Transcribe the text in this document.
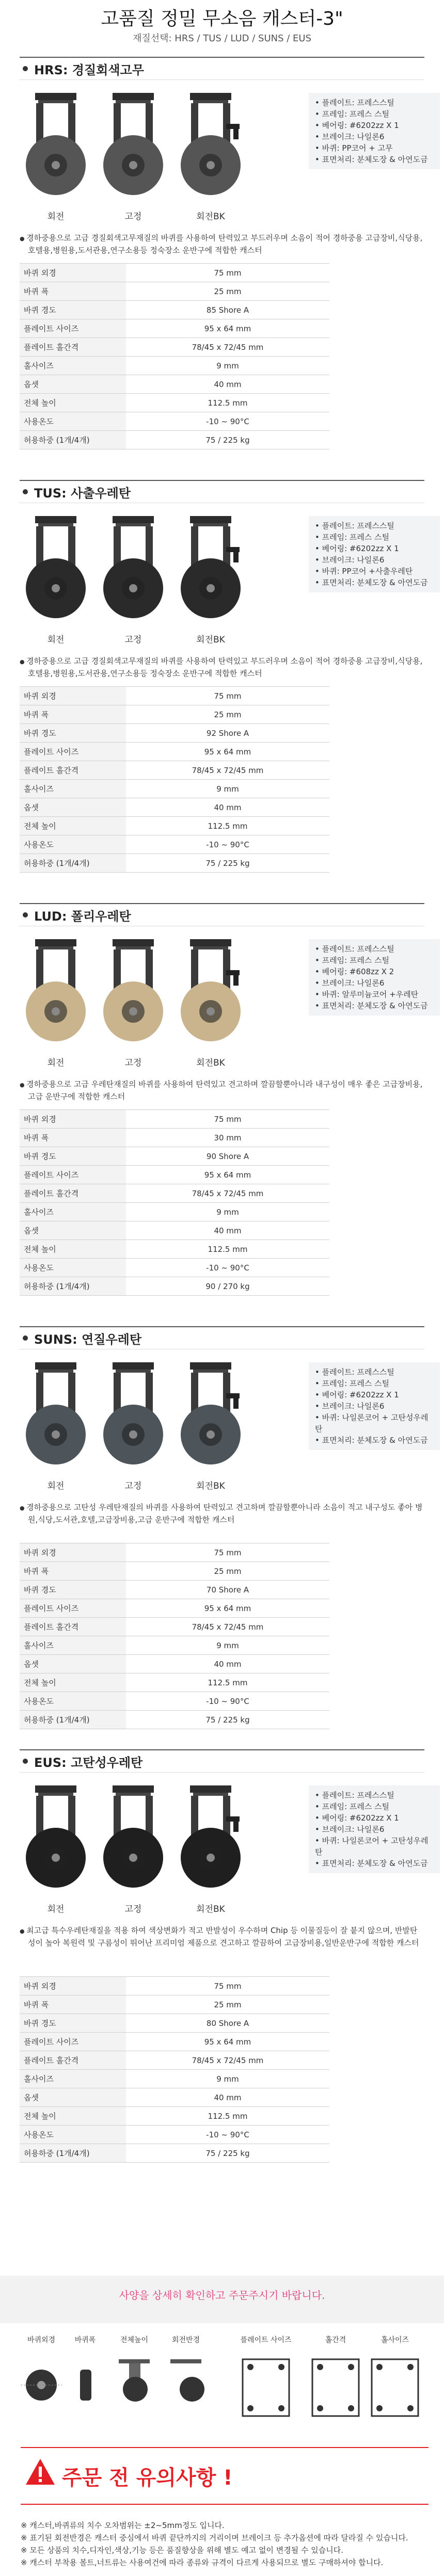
고품질 정밀 무소음 캐스터-3"
재질선택: HRS / TUS / LUD / SUNS / EUS
HRS: 경질회색고무
회전	고정	회전BK
• 플레이트: 프레스스틸
• 프레임: 프레스 스틸
• 베어링: #6202zz X 1
• 브레이크: 나일론6
• 바퀴: PP코어 + 고무
• 표면처리: 분체도장 & 아연도금
● 경하중용으로 고급 경질회색고무재질의 바퀴를 사용하여 탄력있고 부드러우며 소음이 적어 경하중용 고급장비,식당용, 호텔용,병원용,도서관용,연구소용등 정숙장소 운반구에 적합한 캐스터
바퀴 외경	75 mm
바퀴 폭	25 mm
바퀴 경도	85 Shore A
플레이트 사이즈	95 x 64 mm
플레이트 홀간격	78/45 x 72/45 mm
홀사이즈	9 mm
옵셋	40 mm
전체 높이	112.5 mm
사용온도	-10 ~ 90°C
허용하중 (1개/4개)	75 / 225 kg
TUS: 사출우레탄
회전	고정	회전BK
• 플레이트: 프레스스틸
• 프레임: 프레스 스틸
• 베어링: #6202zz X 1
• 브레이크: 나일론6
• 바퀴: PP코어 +사출우레탄
• 표면처리: 분체도장 & 아연도금
● 경하중용으로 고급 경질회색고무재질의 바퀴를 사용하여 탄력있고 부드러우며 소음이 적어 경하중용 고급장비,식당용, 호텔용,병원용,도서관용,연구소용등 정숙장소 운반구에 적합한 캐스터
바퀴 외경	75 mm
바퀴 폭	25 mm
바퀴 경도	92 Shore A
플레이트 사이즈	95 x 64 mm
플레이트 홀간격	78/45 x 72/45 mm
홀사이즈	9 mm
옵셋	40 mm
전체 높이	112.5 mm
사용온도	-10 ~ 90°C
허용하중 (1개/4개)	75 / 225 kg
LUD: 폴리우레탄
회전	고정	회전BK
• 플레이트: 프레스스틸
• 프레임: 프레스 스틸
• 베어링: #608zz X 2
• 브레이크: 나일론6
• 바퀴: 알루미늄코어 +우레탄
• 표면처리: 분체도장 & 아연도금
● 경하중용으로 고급 우레탄재질의 바퀴를 사용하여 탄력있고 견고하며 깔끔할뿐아니라 내구성이 매우 좋은 고급장비용, 고급 운반구에 적합한 캐스터
바퀴 외경	75 mm
바퀴 폭	30 mm
바퀴 경도	90 Shore A
플레이트 사이즈	95 x 64 mm
플레이트 홀간격	78/45 x 72/45 mm
홀사이즈	9 mm
옵셋	40 mm
전체 높이	112.5 mm
사용온도	-10 ~ 90°C
허용하중 (1개/4개)	90 / 270 kg
SUNS: 연질우레탄
회전	고정	회전BK
• 플레이트: 프레스스틸
• 프레임: 프레스 스틸
• 베어링: #6202zz X 1
• 브레이크: 나일론6
• 바퀴: 나일론코어 + 고탄성우레탄
• 표면처리: 분체도장 & 아연도금
● 경하중용으로 고탄성 우레탄재질의 바퀴를 사용하여 탄력있고 견고하며 깔끔할뿐아니라 소음이 적고 내구성도 좋아 병원,식당,도서관,호텔,고급장비용,고급 운반구에 적합한 캐스터
바퀴 외경	75 mm
바퀴 폭	25 mm
바퀴 경도	70 Shore A
플레이트 사이즈	95 x 64 mm
플레이트 홀간격	78/45 x 72/45 mm
홀사이즈	9 mm
옵셋	40 mm
전체 높이	112.5 mm
사용온도	-10 ~ 90°C
허용하중 (1개/4개)	75 / 225 kg
EUS: 고탄성우레탄
회전	고정	회전BK
• 플레이트: 프레스스틸
• 프레임: 프레스 스틸
• 베어링: #6202zz X 1
• 브레이크: 나일론6
• 바퀴: 나일론코어 + 고탄성우레탄
• 표면처리: 분체도장 & 아연도금
● 최고급 특수우레탄재질을 적용 하여 색상변화가 적고 반발성이 우수하며 Chip 등 이물질등이 잘 붙지 않으며, 반발탄성이 높아 복원력 및 구름성이 뛰어난 프리미엄 제품으로 견고하고 깔끔하여 고급장비용,일반운반구에 적합한 캐스터
바퀴 외경	75 mm
바퀴 폭	25 mm
바퀴 경도	80 Shore A
플레이트 사이즈	95 x 64 mm
플레이트 홀간격	78/45 x 72/45 mm
홀사이즈	9 mm
옵셋	40 mm
전체 높이	112.5 mm
사용온도	-10 ~ 90°C
허용하중 (1개/4개)	75 / 225 kg
사양을 상세히 확인하고 주문주시기 바랍니다.
바퀴외경	바퀴폭	전체높이	회전반경	플레이트 사이즈	홀간격	홀사이즈
주문 전 유의사항 !
※ 캐스터,바퀴류의 치수 오차범위는 ±2~5mm정도 입니다.
※ 표기된 회전반경은 캐스터 중심에서 바퀴 끝단까지의 거리이며 브레이크 등 추가옵션에 따라 달라질 수 있습니다.
※ 모든 상품의 치수,디자인,색상,기능 등은 품질향상을 위해 별도 예고 없이 변경될 수 있습니다.
※ 캐스터 부착용 볼트,너트류는 사용여건에 따라 종류와 규격이 다르게 사용되므로 별도 구매하셔야 합니다.
